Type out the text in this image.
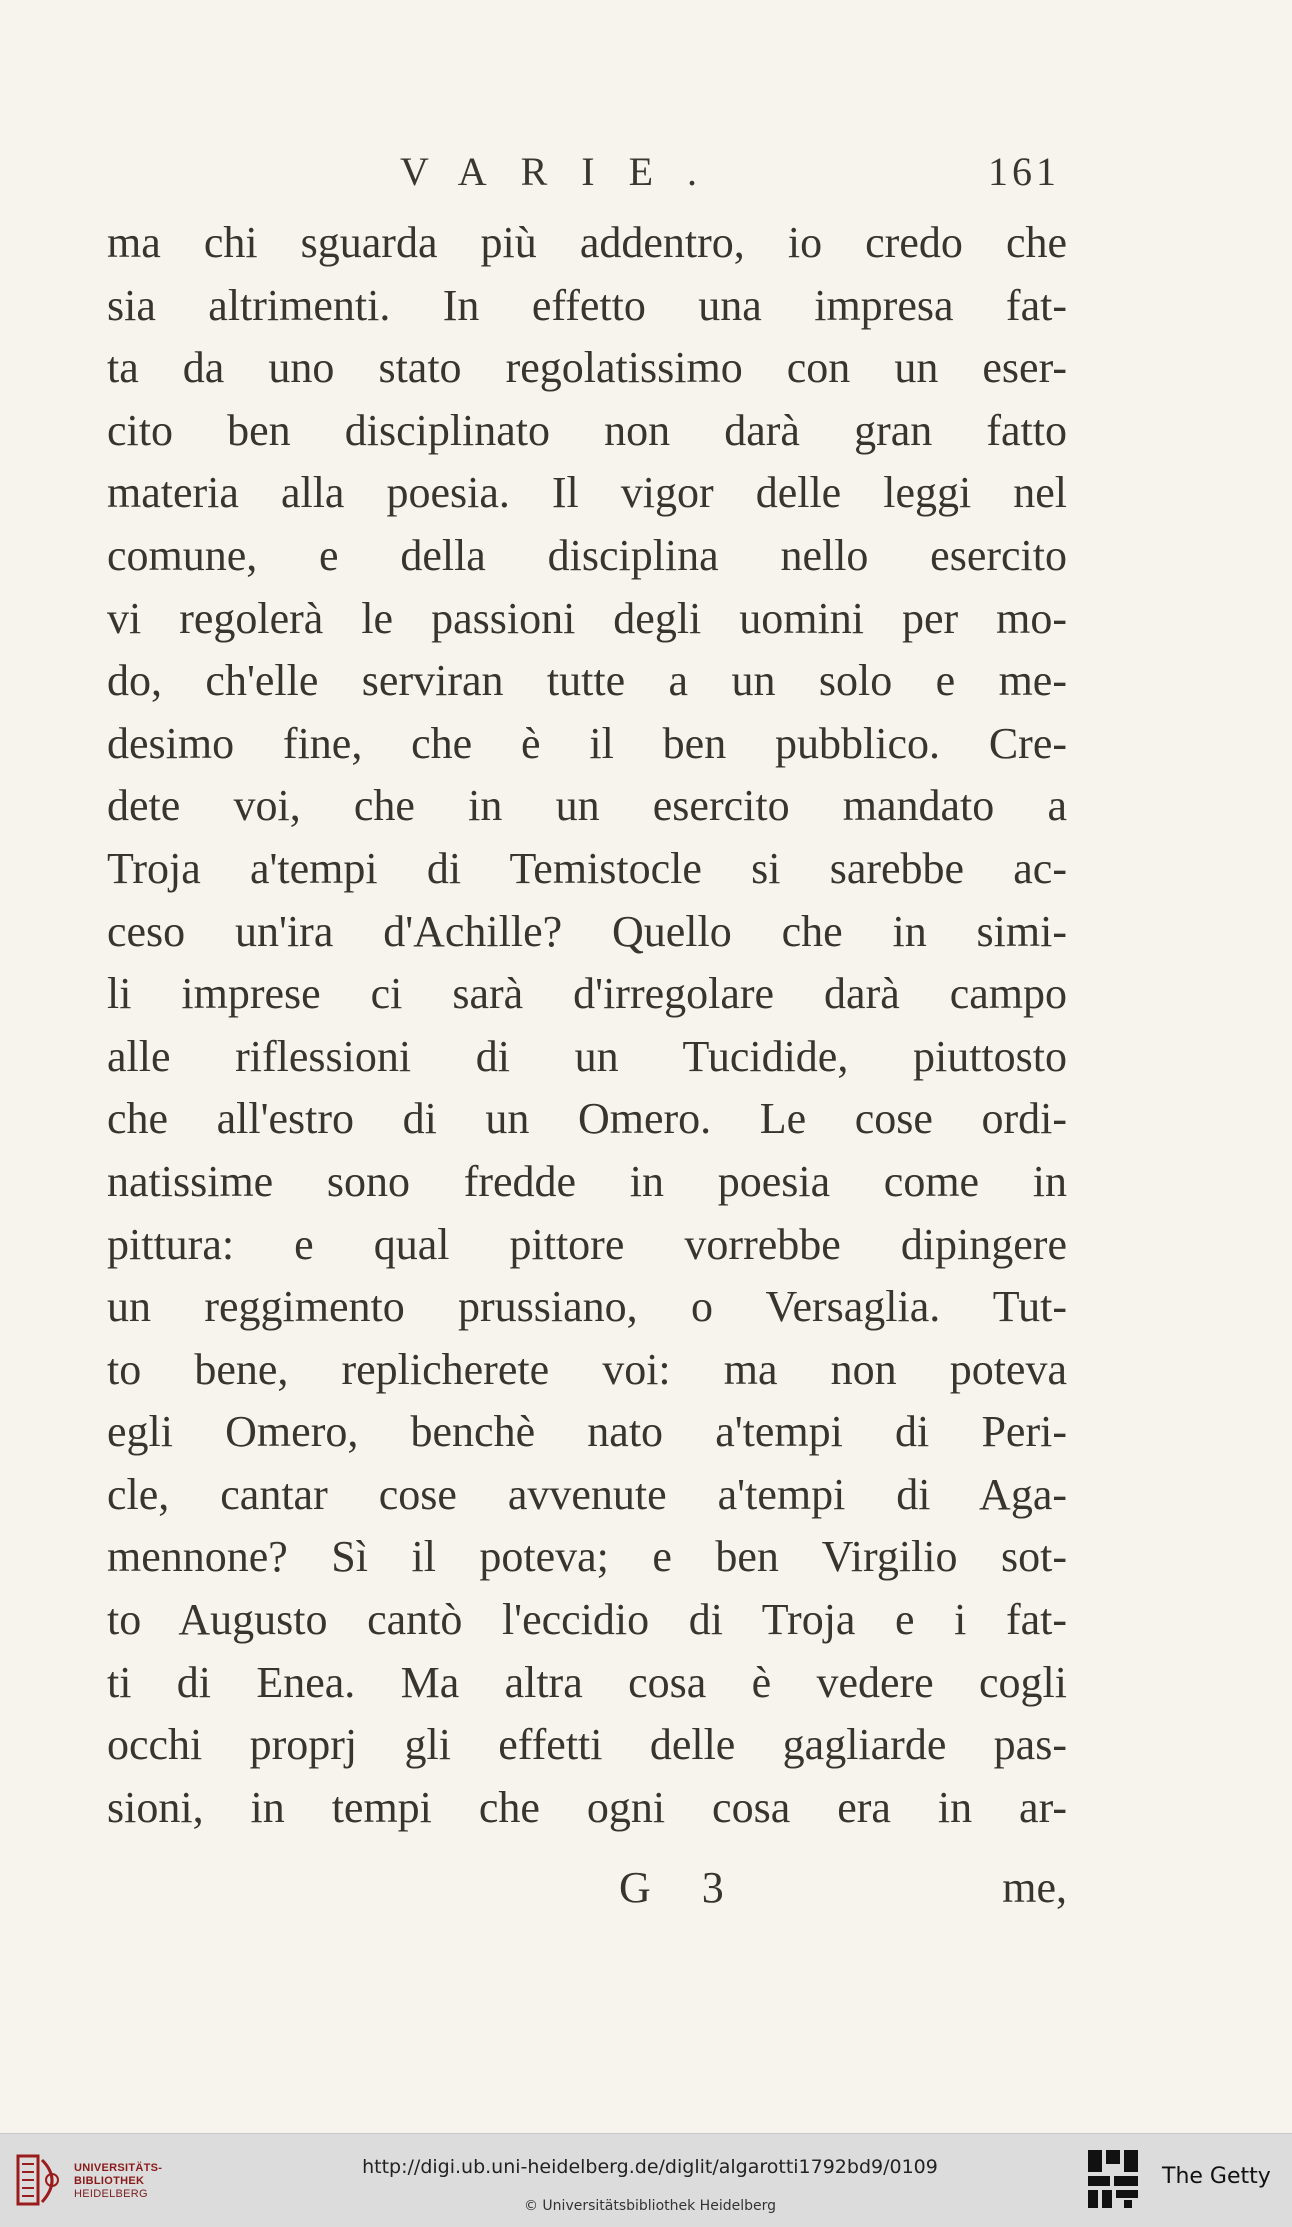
VARIE.	161
ma chi sguarda più addentro, io credo che
sia altrimenti. In effetto una impresa fat-
ta da uno stato regolatissimo con un eser-
cito ben disciplinato non darà gran fatto
materia alla poesia. Il vigor delle leggi nel
comune, e della disciplina nello esercito
vi regolerà le passioni degli uomini per mo-
do, ch'elle serviran tutte a un solo e me-
desimo fine, che è il ben pubblico. Cre-
dete voi, che in un esercito mandato a
Troja a'tempi di Temistocle si sarebbe ac-
ceso un'ira d'Achille? Quello che in simi-
li imprese ci sarà d'irregolare darà campo
alle riflessioni di un Tucidide, piuttosto
che all'estro di un Omero. Le cose ordi-
natissime sono fredde in poesia come in
pittura: e qual pittore vorrebbe dipingere
un reggimento prussiano, o Versaglia. Tut-
to bene, replicherete voi: ma non poteva
egli Omero, benchè nato a'tempi di Peri-
cle, cantar cose avvenute a'tempi di Aga-
mennone? Sì il poteva; e ben Virgilio sot-
to Augusto cantò l'eccidio di Troja e i fat-
ti di Enea. Ma altra cosa è vedere cogli
occhi proprj gli effetti delle gagliarde pas-
sioni, in tempi che ogni cosa era in ar-
G 3	me,
UNIVERSITÄTS-
BIBLIOTHEK
HEIDELBERG
http://digi.ub.uni-heidelberg.de/diglit/algarotti1792bd9/0109
© Universitätsbibliothek Heidelberg
The Getty
